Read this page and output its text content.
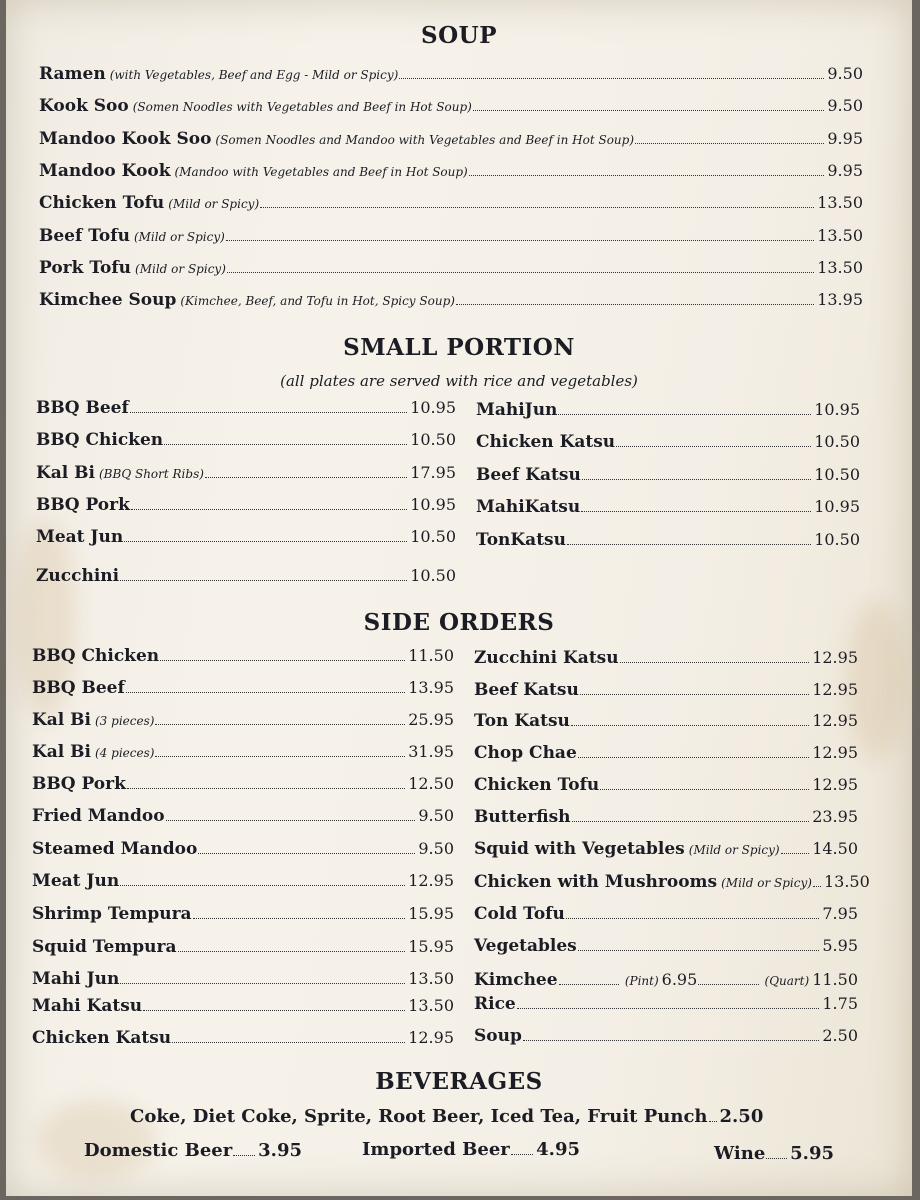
SOUP
Ramen (with Vegetables, Beef and Egg - Mild or Spicy)	9.50
Kook Soo (Somen Noodles with Vegetables and Beef in Hot Soup)	9.50
Mandoo Kook Soo (Somen Noodles and Mandoo with Vegetables and Beef in Hot Soup)	9.95
Mandoo Kook (Mandoo with Vegetables and Beef in Hot Soup)	9.95
Chicken Tofu (Mild or Spicy)	13.50
Beef Tofu (Mild or Spicy)	13.50
Pork Tofu (Mild or Spicy)	13.50
Kimchee Soup (Kimchee, Beef, and Tofu in Hot, Spicy Soup)	13.95
SMALL PORTION
(all plates are served with rice and vegetables)
BBQ Beef	10.95
BBQ Chicken	10.50
Kal Bi (BBQ Short Ribs)	17.95
BBQ Pork	10.95
Meat Jun	10.50
Zucchini	10.50
MahiJun	10.95
Chicken Katsu	10.50
Beef Katsu	10.50
MahiKatsu	10.95
TonKatsu	10.50
SIDE ORDERS
BBQ Chicken	11.50
BBQ Beef	13.95
Kal Bi (3 pieces)	25.95
Kal Bi (4 pieces)	31.95
BBQ Pork	12.50
Fried Mandoo	9.50
Steamed Mandoo	9.50
Meat Jun	12.95
Shrimp Tempura	15.95
Squid Tempura	15.95
Mahi Jun	13.50
Mahi Katsu	13.50
Chicken Katsu	12.95
Zucchini Katsu	12.95
Beef Katsu	12.95
Ton Katsu	12.95
Chop Chae	12.95
Chicken Tofu	12.95
Butterfish	23.95
Squid with Vegetables (Mild or Spicy) 14.50
Chicken with Mushrooms (Mild or Spicy) 13.50
Cold Tofu	7.95
Vegetables	5.95
Rice	1.75
Soup	2.50
Kimchee	(Pint) 6.95	(Quart) 11.50
BEVERAGES
Coke, Diet Coke, Sprite, Root Beer, Iced Tea, Fruit Punch 2.50
Domestic Beer 3.95	Imported Beer 4.95	Wine 5.95
